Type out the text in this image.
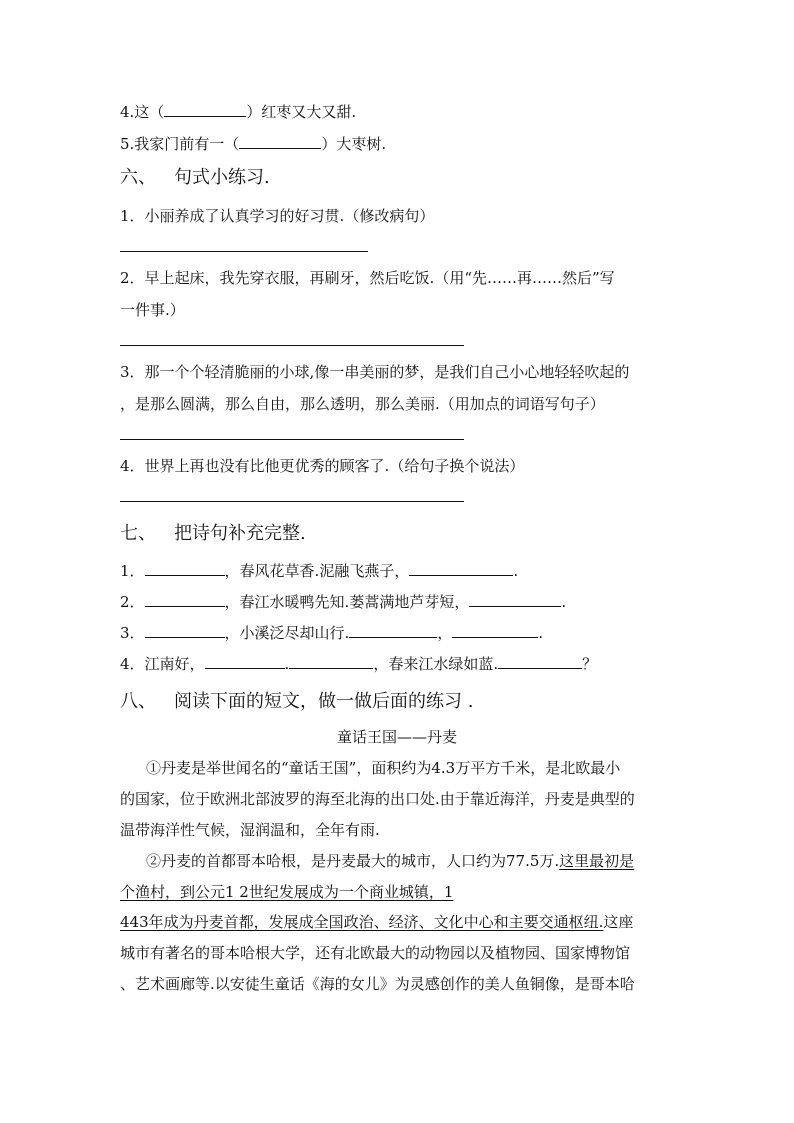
4.这（	）红枣又大又甜.
5.我家门前有一（	）大枣树.
六、 句式小练习.
1．小丽养成了认真学习的好习贯.（修改病句）
2．早上起床，我先穿衣服，再刷牙，然后吃饭.（用“先……再……然后”写
一件事.）
3．那一个个轻清脆丽的小球,像一串美丽的梦，是我们自己小心地轻轻吹起的
，是那么圆满，那么自由，那么透明，那么美丽.（用加点的词语写句子）
4．世界上再也没有比他更优秀的顾客了.（给句子换个说法）
七、 把诗句补充完整.
1．	，春风花草香.泥融飞燕子，	.
2．	，春江水暖鸭先知.蒌蒿满地芦芽短，	.
3．	，小溪泛尽却山行.	，	.
4．江南好，	.	，春来江水绿如蓝.	？
八、 阅读下面的短文，做一做后面的练习 .
童话王国——丹麦
①丹麦是举世闻名的“童话王国”，面积约为4.3万平方千米，是北欧最小
的国家，位于欧洲北部波罗的海至北海的出口处.由于靠近海洋，丹麦是典型的
温带海洋性气候，湿润温和，全年有雨.
②丹麦的首都哥本哈根，是丹麦最大的城市，人口约为77.5万.这里最初是
个渔村，到公元1 2世纪发展成为一个商业城镇，1
443年成为丹麦首都，发展成全国政治、经济、文化中心和主要交通枢纽.这座
城市有著名的哥本哈根大学，还有北欧最大的动物园以及植物园、国家博物馆
、艺术画廊等.以安徒生童话《海的女儿》为灵感创作的美人鱼铜像，是哥本哈
